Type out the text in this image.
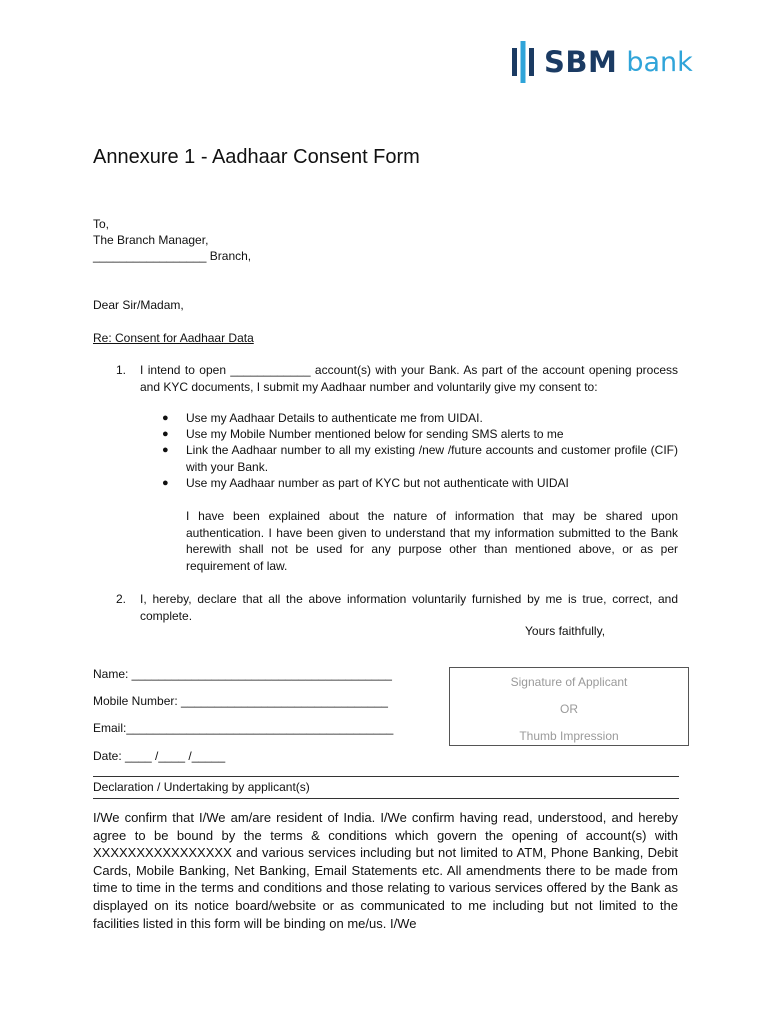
SBM bank
Annexure 1 - Aadhaar Consent Form
To,
The Branch Manager,
_________________ Branch,
Dear Sir/Madam,
Re: Consent for Aadhaar Data
1. I intend to open ____________ account(s) with your Bank. As part of the account opening process and KYC documents, I submit my Aadhaar number and voluntarily give my consent to:
● Use my Aadhaar Details to authenticate me from UIDAI.
● Use my Mobile Number mentioned below for sending SMS alerts to me
● Link the Aadhaar number to all my existing /new /future accounts and customer profile (CIF) with your Bank.
● Use my Aadhaar number as part of KYC but not authenticate with UIDAI
I have been explained about the nature of information that may be shared upon authentication. I have been given to understand that my information submitted to the Bank herewith shall not be used for any purpose other than mentioned above, or as per requirement of law.
2. I, hereby, declare that all the above information voluntarily furnished by me is true, correct, and complete.
Yours faithfully,
Name: _______________________________________
Mobile Number: _______________________________
Email:________________________________________
Date: ____ /____ /_____
Signature of Applicant
OR
Thumb Impression
Declaration / Undertaking by applicant(s)
I/We confirm that I/We am/are resident of India. I/We confirm having read, understood, and hereby agree to be bound by the terms & conditions which govern the opening of account(s) with XXXXXXXXXXXXXXXX and various services including but not limited to ATM, Phone Banking, Debit Cards, Mobile Banking, Net Banking, Email Statements etc. All amendments there to be made from time to time in the terms and conditions and those relating to various services offered by the Bank as displayed on its notice board/website or as communicated to me including but not limited to the facilities listed in this form will be binding on me/us. I/We
